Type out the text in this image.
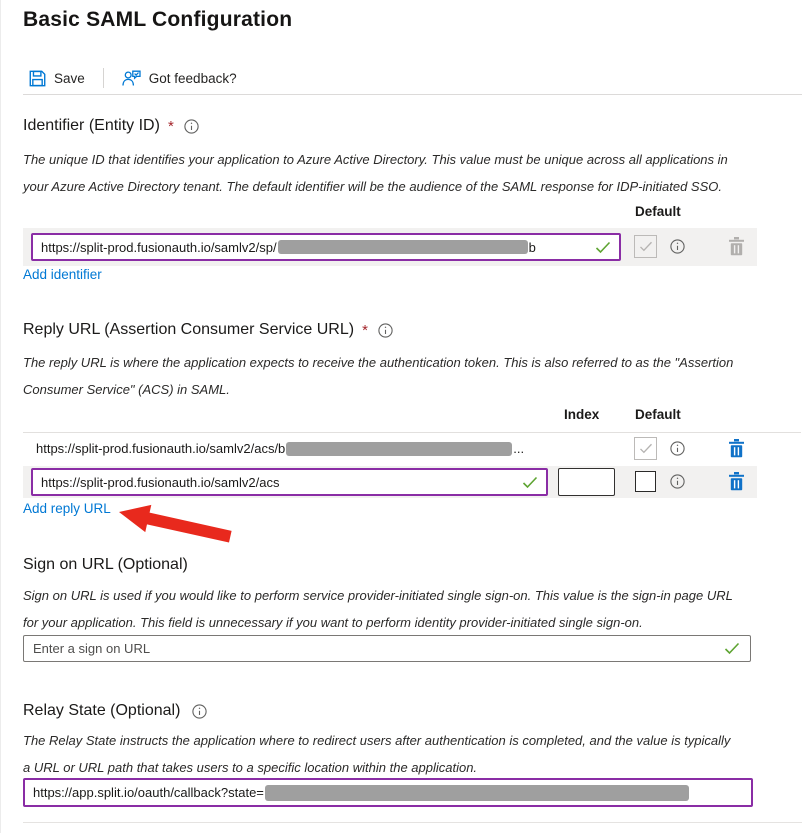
Basic SAML Configuration
Save	Got feedback?
Identifier (Entity ID) *
The unique ID that identifies your application to Azure Active Directory. This value must be unique across all applications in your Azure Active Directory tenant. The default identifier will be the audience of the SAML response for IDP-initiated SSO.
Default
https://split-prod.fusionauth.io/samlv2/sp/	b
Add identifier
Reply URL (Assertion Consumer Service URL) *
The reply URL is where the application expects to receive the authentication token. This is also referred to as the "Assertion Consumer Service" (ACS) in SAML.
Index	Default
https://split-prod.fusionauth.io/samlv2/acs/b	...
https://split-prod.fusionauth.io/samlv2/acs
Add reply URL
Sign on URL (Optional)
Sign on URL is used if you would like to perform service provider-initiated single sign-on. This value is the sign-in page URL for your application. This field is unnecessary if you want to perform identity provider-initiated single sign-on.
Enter a sign on URL
Relay State (Optional)
The Relay State instructs the application where to redirect users after authentication is completed, and the value is typically a URL or URL path that takes users to a specific location within the application.
https://app.split.io/oauth/callback?state=
